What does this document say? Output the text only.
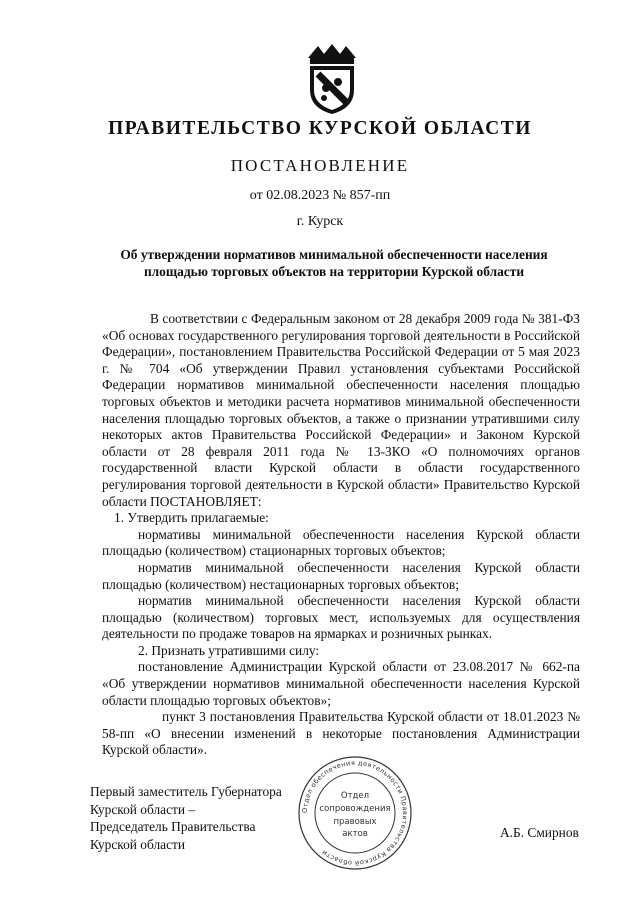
ПРАВИТЕЛЬСТВО КУРСКОЙ ОБЛАСТИ
ПОСТАНОВЛЕНИЕ
от 02.08.2023 № 857-пп
г. Курск
Об утверждении нормативов минимальной обеспеченности населения площадью торговых объектов на территории Курской области

В соответствии с Федеральным законом от 28 декабря 2009 года № 381-ФЗ «Об основах государственного регулирования торговой деятельности в Российской Федерации», постановлением Правительства Российской Федерации от 5 мая 2023 г. № 704 «Об утверждении Правил установления субъектами Российской Федерации нормативов минимальной обеспеченности населения площадью торговых объектов и методики расчета нормативов минимальной обеспеченности населения площадью торговых объектов, а также о признании утратившими силу некоторых актов Правительства Российской Федерации» и Законом Курской области от 28 февраля 2011 года № 13-ЗКО «О полномочиях органов государственной власти Курской области в области государственного регулирования торговой деятельности в Курской области» Правительство Курской области ПОСТАНОВЛЯЕТ:

1. Утвердить прилагаемые:

нормативы минимальной обеспеченности населения Курской области площадью (количеством) стационарных торговых объектов;

норматив минимальной обеспеченности населения Курской области площадью (количеством) нестационарных торговых объектов;

норматив минимальной обеспеченности населения Курской области площадью (количеством) торговых мест, используемых для осуществления деятельности по продаже товаров на ярмарках и розничных рынках.

2. Признать утратившими силу:

постановление Администрации Курской области от 23.08.2017 № 662-па «Об утверждении нормативов минимальной обеспеченности населения Курской области площадью торговых объектов»;

пункт 3 постановления Правительства Курской области от 18.01.2023 № 58-пп «О внесении изменений в некоторые постановления Администрации Курской области».

Первый заместитель Губернатора
Курской области –
Председатель Правительства
Курской области
А.Б. Смирнов
Отдел обеспечения деятельности Правительства Курской области
Отдел
сопровождения
правовых
актов
